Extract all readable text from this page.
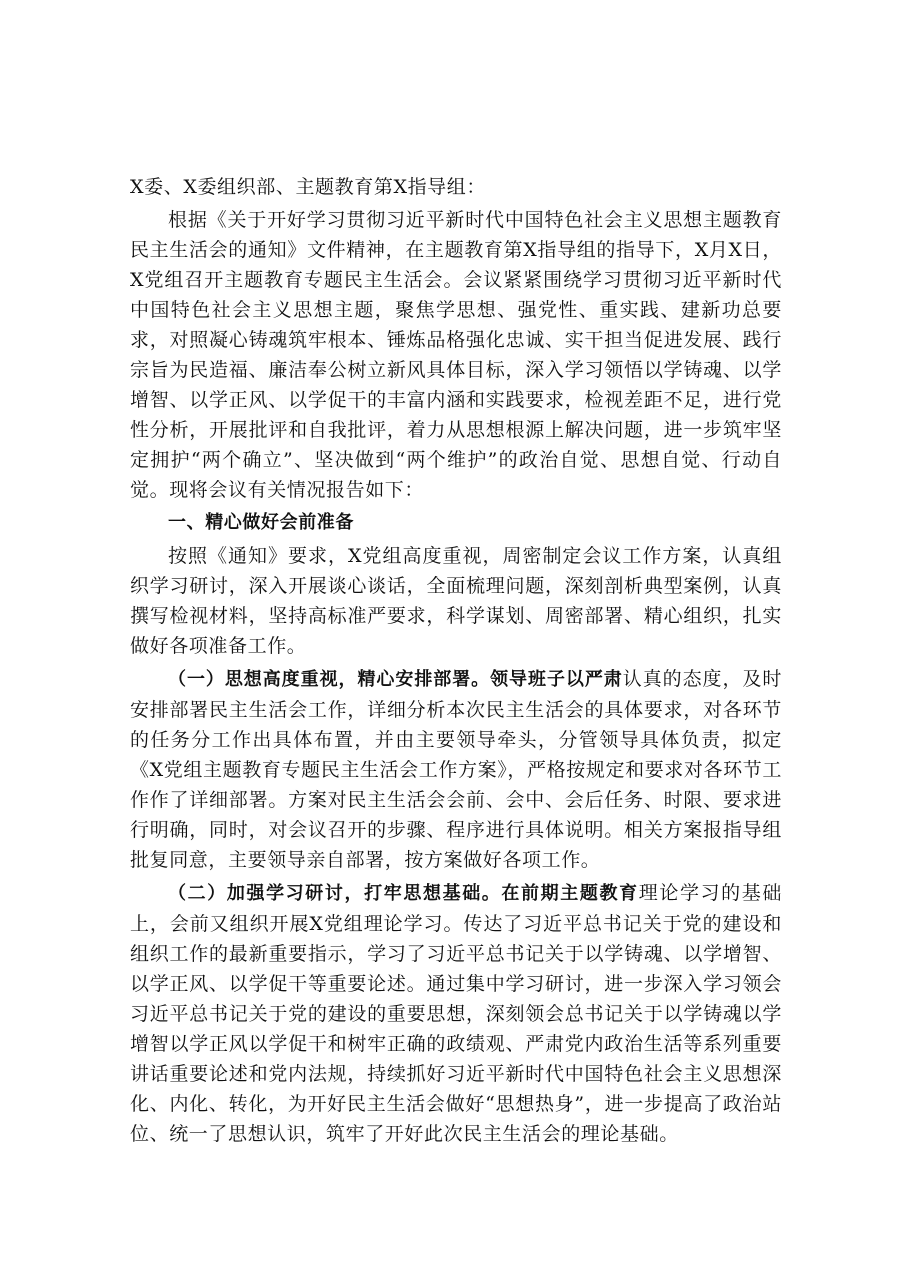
X委、X委组织部、主题教育第X指导组：

根据《关于开好学习贯彻习近平新时代中国特色社会主义思想主题教育民主生活会的通知》文件精神，在主题教育第X指导组的指导下，X月X日，X党组召开主题教育专题民主生活会。会议紧紧围绕学习贯彻习近平新时代中国特色社会主义思想主题，聚焦学思想、强党性、重实践、建新功总要求，对照凝心铸魂筑牢根本、锤炼品格强化忠诚、实干担当促进发展、践行宗旨为民造福、廉洁奉公树立新风具体目标，深入学习领悟以学铸魂、以学增智、以学正风、以学促干的丰富内涵和实践要求，检视差距不足，进行党性分析，开展批评和自我批评，着力从思想根源上解决问题，进一步筑牢坚定拥护“两个确立”、坚决做到“两个维护”的政治自觉、思想自觉、行动自觉。现将会议有关情况报告如下：

一、精心做好会前准备

按照《通知》要求，X党组高度重视，周密制定会议工作方案，认真组织学习研讨，深入开展谈心谈话，全面梳理问题，深刻剖析典型案例，认真撰写检视材料，坚持高标准严要求，科学谋划、周密部署、精心组织，扎实做好各项准备工作。

（一）思想高度重视，精心安排部署。领导班子以严肃认真的态度，及时安排部署民主生活会工作，详细分析本次民主生活会的具体要求，对各环节的任务分工作出具体布置，并由主要领导牵头，分管领导具体负责，拟定《X党组主题教育专题民主生活会工作方案》，严格按规定和要求对各环节工作作了详细部署。方案对民主生活会会前、会中、会后任务、时限、要求进行明确，同时，对会议召开的步骤、程序进行具体说明。相关方案报指导组批复同意，主要领导亲自部署，按方案做好各项工作。

（二）加强学习研讨，打牢思想基础。在前期主题教育理论学习的基础上，会前又组织开展X党组理论学习。传达了习近平总书记关于党的建设和组织工作的最新重要指示，学习了习近平总书记关于以学铸魂、以学增智、以学正风、以学促干等重要论述。通过集中学习研讨，进一步深入学习领会习近平总书记关于党的建设的重要思想，深刻领会总书记关于以学铸魂以学增智以学正风以学促干和树牢正确的政绩观、严肃党内政治生活等系列重要讲话重要论述和党内法规，持续抓好习近平新时代中国特色社会主义思想深化、内化、转化，为开好民主生活会做好“思想热身”，进一步提高了政治站位、统一了思想认识，筑牢了开好此次民主生活会的理论基础。
